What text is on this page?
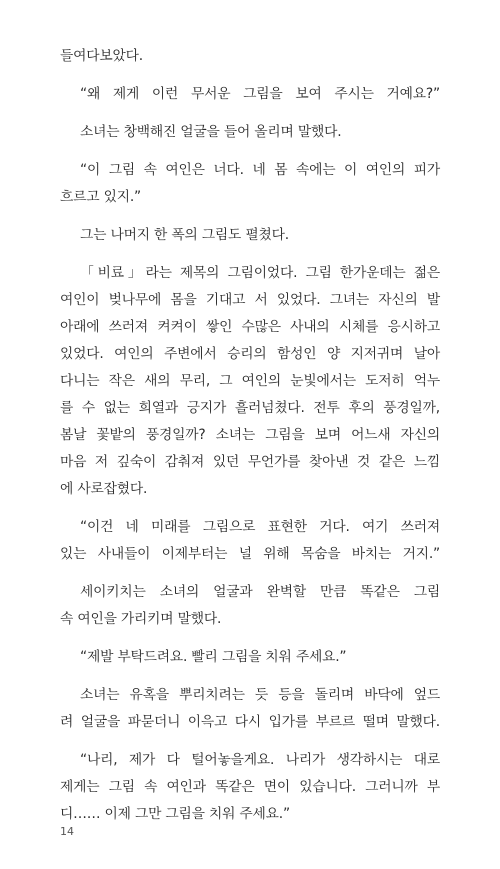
들여다보았다.
“왜 제게 이런 무서운 그림을 보여 주시는 거예요?”
소녀는 창백해진 얼굴을 들어 올리며 말했다.
“이 그림 속 여인은 너다. 네 몸 속에는 이 여인의 피가
흐르고 있지.”
그는 나머지 한 폭의 그림도 펼쳤다.
「비료」라는 제목의 그림이었다. 그림 한가운데는 젊은
여인이 벚나무에 몸을 기대고 서 있었다. 그녀는 자신의 발
아래에 쓰러져 켜켜이 쌓인 수많은 사내의 시체를 응시하고
있었다. 여인의 주변에서 승리의 함성인 양 지저귀며 날아
다니는 작은 새의 무리, 그 여인의 눈빛에서는 도저히 억누
를 수 없는 희열과 긍지가 흘러넘쳤다. 전투 후의 풍경일까,
봄날 꽃밭의 풍경일까? 소녀는 그림을 보며 어느새 자신의
마음 저 깊숙이 감춰져 있던 무언가를 찾아낸 것 같은 느낌
에 사로잡혔다.
“이건 네 미래를 그림으로 표현한 거다. 여기 쓰러져
있는 사내들이 이제부터는 널 위해 목숨을 바치는 거지.”
세이키치는 소녀의 얼굴과 완벽할 만큼 똑같은 그림
속 여인을 가리키며 말했다.
“제발 부탁드려요. 빨리 그림을 치워 주세요.”
소녀는 유혹을 뿌리치려는 듯 등을 돌리며 바닥에 엎드
려 얼굴을 파묻더니 이윽고 다시 입가를 부르르 떨며 말했다.
“나리, 제가 다 털어놓을게요. 나리가 생각하시는 대로
제게는 그림 속 여인과 똑같은 면이 있습니다. 그러니까 부
디…… 이제 그만 그림을 치워 주세요.”
14
